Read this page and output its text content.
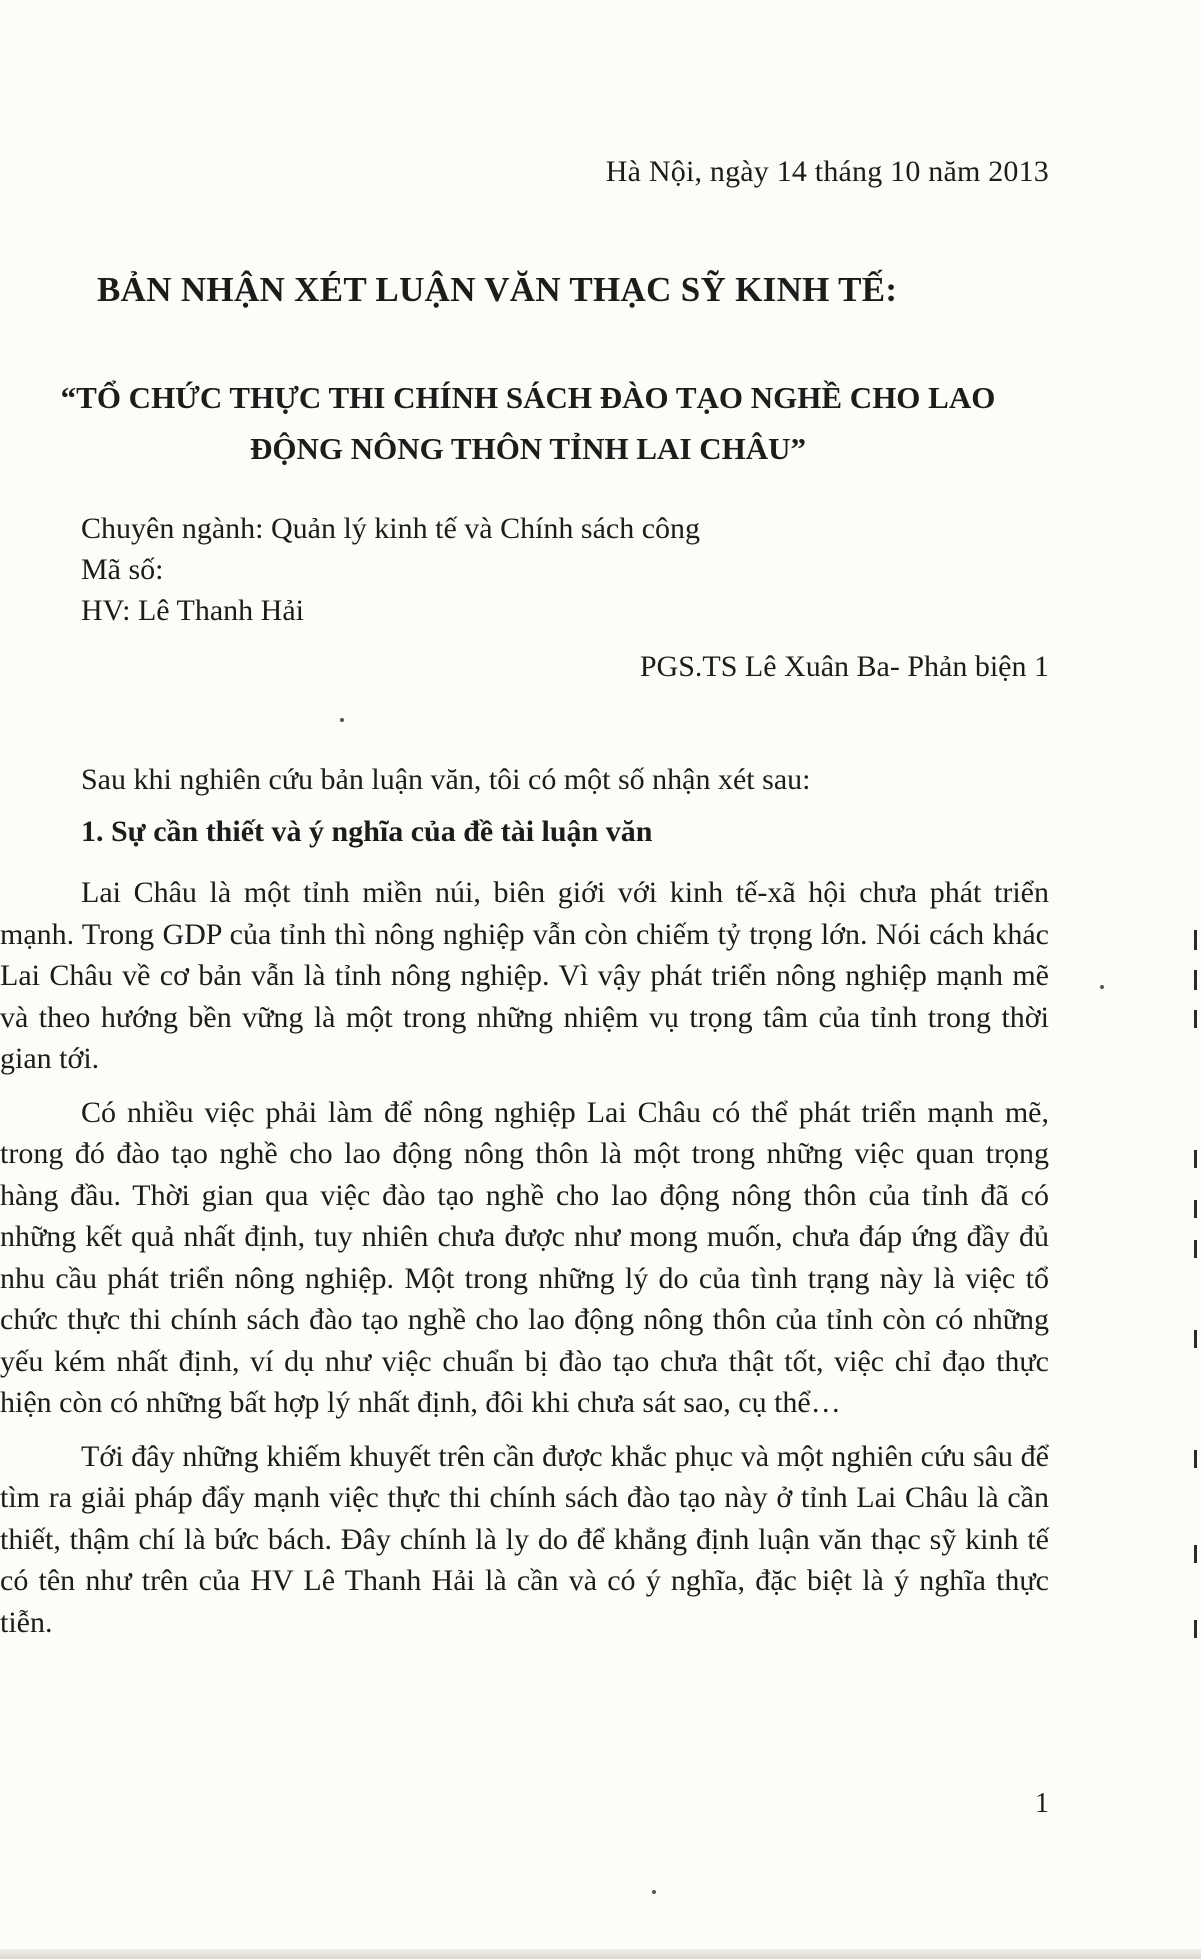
Hà Nội, ngày 14 tháng 10 năm 2013
BẢN NHẬN XÉT LUẬN VĂN THẠC SỸ KINH TẾ:
“TỔ CHỨC THỰC THI CHÍNH SÁCH ĐÀO TẠO NGHỀ CHO LAO
ĐỘNG NÔNG THÔN TỈNH LAI CHÂU”
Chuyên ngành: Quản lý kinh tế và Chính sách công
Mã số:
HV: Lê Thanh Hải
PGS.TS Lê Xuân Ba- Phản biện 1
Sau khi nghiên cứu bản luận văn, tôi có một số nhận xét sau:
1. Sự cần thiết và ý nghĩa của đề tài luận văn

Lai Châu là một tỉnh miền núi, biên giới với kinh tế-xã hội chưa phát triển mạnh. Trong GDP của tỉnh thì nông nghiệp vẫn còn chiếm tỷ trọng lớn. Nói cách khác Lai Châu về cơ bản vẫn là tỉnh nông nghiệp. Vì vậy phát triển nông nghiệp mạnh mẽ và theo hướng bền vững là một trong những nhiệm vụ trọng tâm của tỉnh trong thời gian tới.

Có nhiều việc phải làm để nông nghiệp Lai Châu có thể phát triển mạnh mẽ, trong đó đào tạo nghề cho lao động nông thôn là một trong những việc quan trọng hàng đầu. Thời gian qua việc đào tạo nghề cho lao động nông thôn của tỉnh đã có những kết quả nhất định, tuy nhiên chưa được như mong muốn, chưa đáp ứng đầy đủ nhu cầu phát triển nông nghiệp. Một trong những lý do của tình trạng này là việc tổ chức thực thi chính sách đào tạo nghề cho lao động nông thôn của tỉnh còn có những yếu kém nhất định, ví dụ như việc chuẩn bị đào tạo chưa thật tốt, việc chỉ đạo thực hiện còn có những bất hợp lý nhất định, đôi khi chưa sát sao, cụ thể…

Tới đây những khiếm khuyết trên cần được khắc phục và một nghiên cứu sâu để tìm ra giải pháp đẩy mạnh việc thực thi chính sách đào tạo này ở tỉnh Lai Châu là cần thiết, thậm chí là bức bách. Đây chính là ly do để khẳng định luận văn thạc sỹ kinh tế có tên như trên của HV Lê Thanh Hải là cần và có ý nghĩa, đặc biệt là ý nghĩa thực tiễn.

1
